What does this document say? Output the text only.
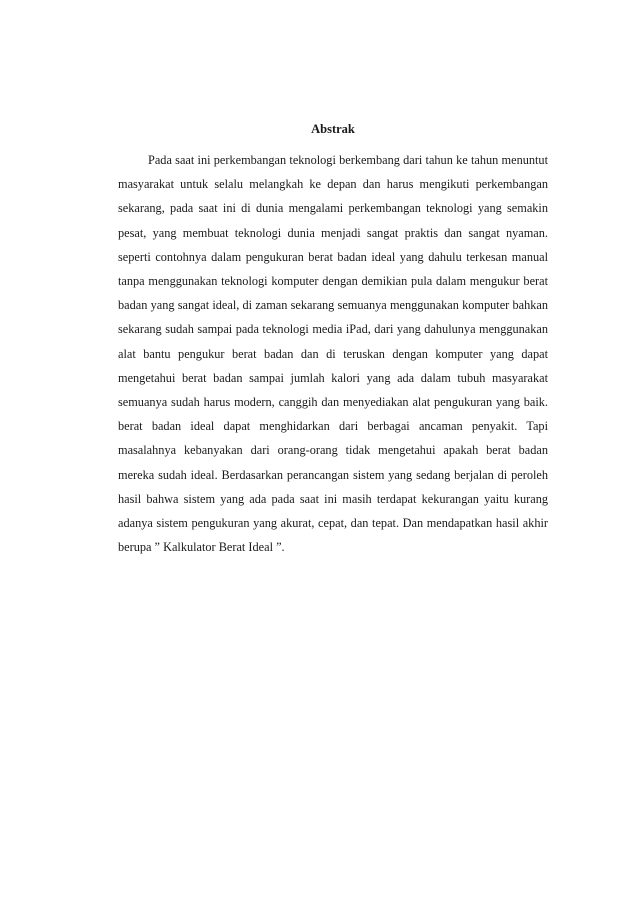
Abstrak

Pada saat ini perkembangan teknologi berkembang dari tahun ke tahun menuntut masyarakat untuk selalu melangkah ke depan dan harus mengikuti perkembangan sekarang, pada saat ini di dunia mengalami perkembangan teknologi yang semakin pesat, yang membuat teknologi dunia menjadi sangat praktis dan sangat nyaman. seperti contohnya dalam pengukuran berat badan ideal yang dahulu terkesan manual tanpa menggunakan teknologi komputer dengan demikian pula dalam mengukur berat badan yang sangat ideal, di zaman sekarang semuanya menggunakan komputer bahkan sekarang sudah sampai pada teknologi media iPad, dari yang dahulunya menggunakan alat bantu pengukur berat badan dan di teruskan dengan komputer yang dapat mengetahui berat badan sampai jumlah kalori yang ada dalam tubuh masyarakat semuanya sudah harus modern, canggih dan menyediakan alat pengukuran yang baik. berat badan ideal dapat menghidarkan dari berbagai ancaman penyakit. Tapi masalahnya kebanyakan dari orang-orang tidak mengetahui apakah berat badan mereka sudah ideal. Berdasarkan perancangan sistem yang sedang berjalan di peroleh hasil bahwa sistem yang ada pada saat ini masih terdapat kekurangan yaitu kurang adanya sistem pengukuran yang akurat, cepat, dan tepat. Dan mendapatkan hasil akhir berupa ” Kalkulator Berat Ideal ”.
